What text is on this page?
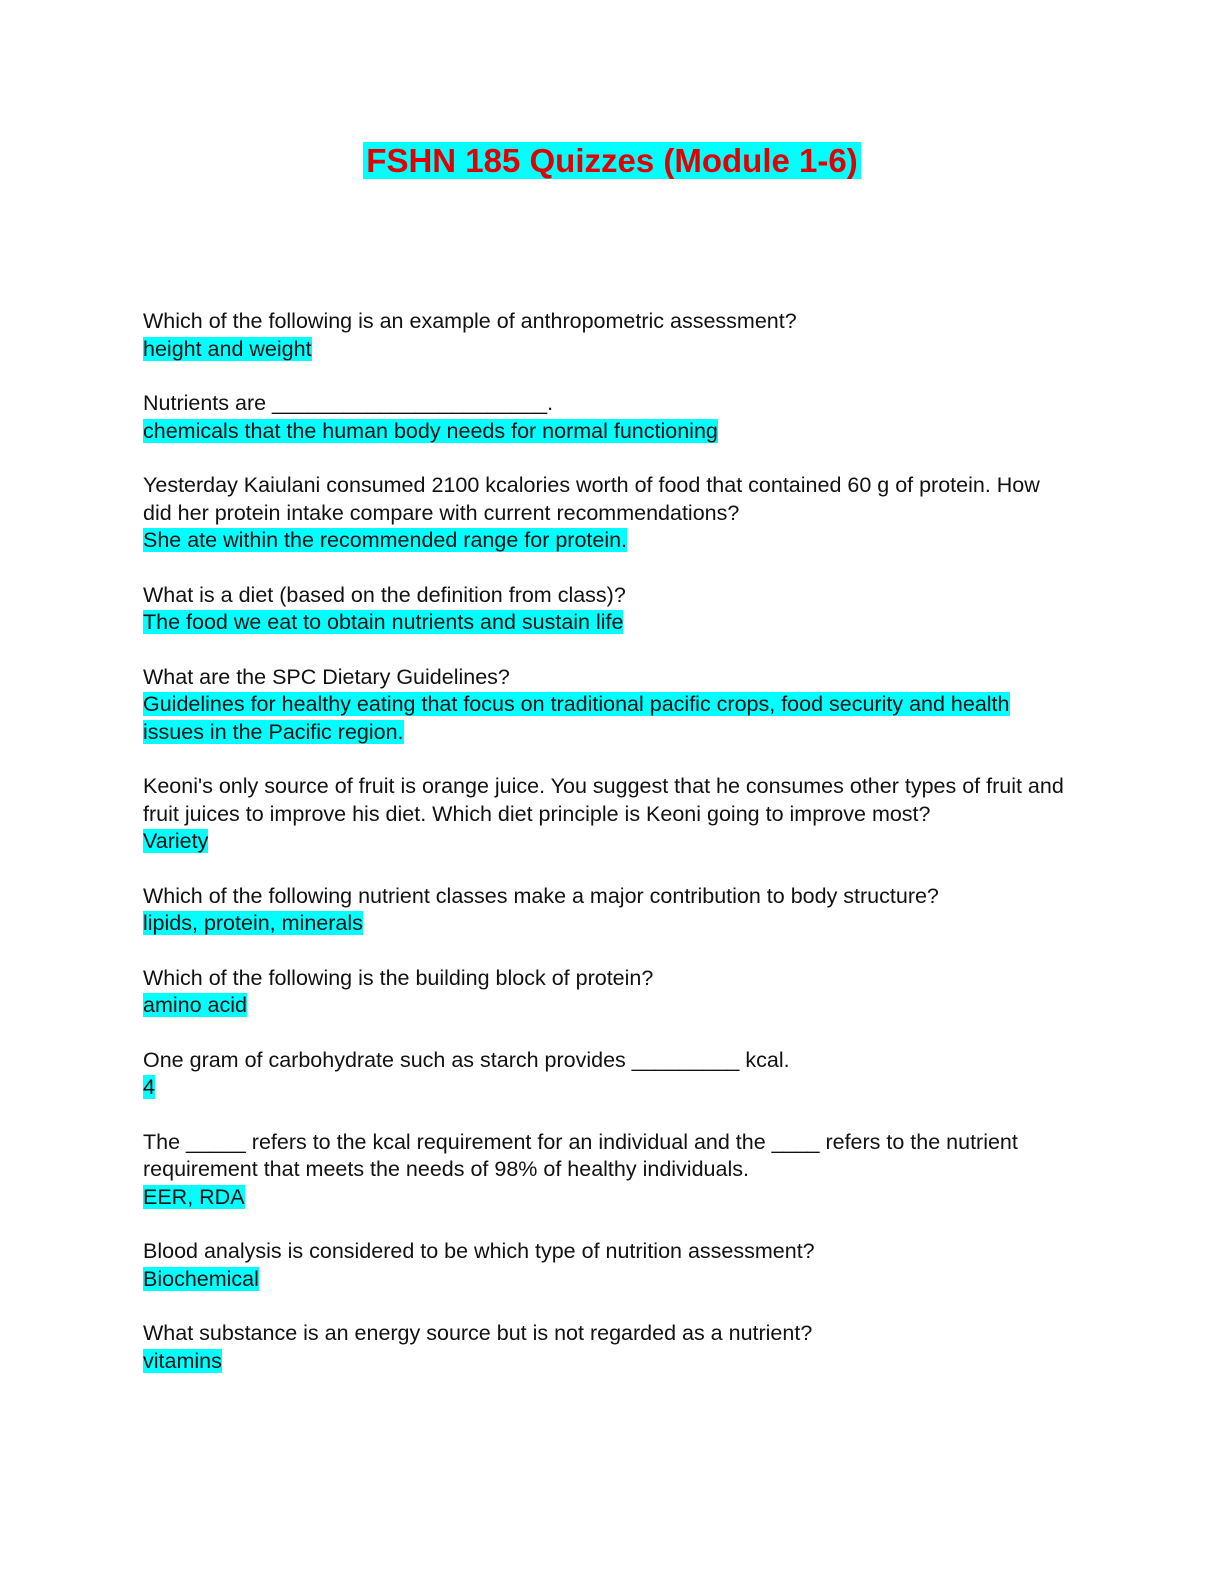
FSHN 185 Quizzes (Module 1-6)
Which of the following is an example of anthropometric assessment?
height and weight
Nutrients are _______________________.
chemicals that the human body needs for normal functioning
Yesterday Kaiulani consumed 2100 kcalories worth of food that contained 60 g of protein. How did her protein intake compare with current recommendations?
She ate within the recommended range for protein.
What is a diet (based on the definition from class)?
The food we eat to obtain nutrients and sustain life
What are the SPC Dietary Guidelines?
Guidelines for healthy eating that focus on traditional pacific crops, food security and health issues in the Pacific region.
Keoni's only source of fruit is orange juice. You suggest that he consumes other types of fruit and fruit juices to improve his diet. Which diet principle is Keoni going to improve most?
Variety
Which of the following nutrient classes make a major contribution to body structure?
lipids, protein, minerals
Which of the following is the building block of protein?
amino acid
One gram of carbohydrate such as starch provides _________ kcal.
4
The _____ refers to the kcal requirement for an individual and the ____ refers to the nutrient requirement that meets the needs of 98% of healthy individuals.
EER, RDA
Blood analysis is considered to be which type of nutrition assessment?
Biochemical
What substance is an energy source but is not regarded as a nutrient?
vitamins
